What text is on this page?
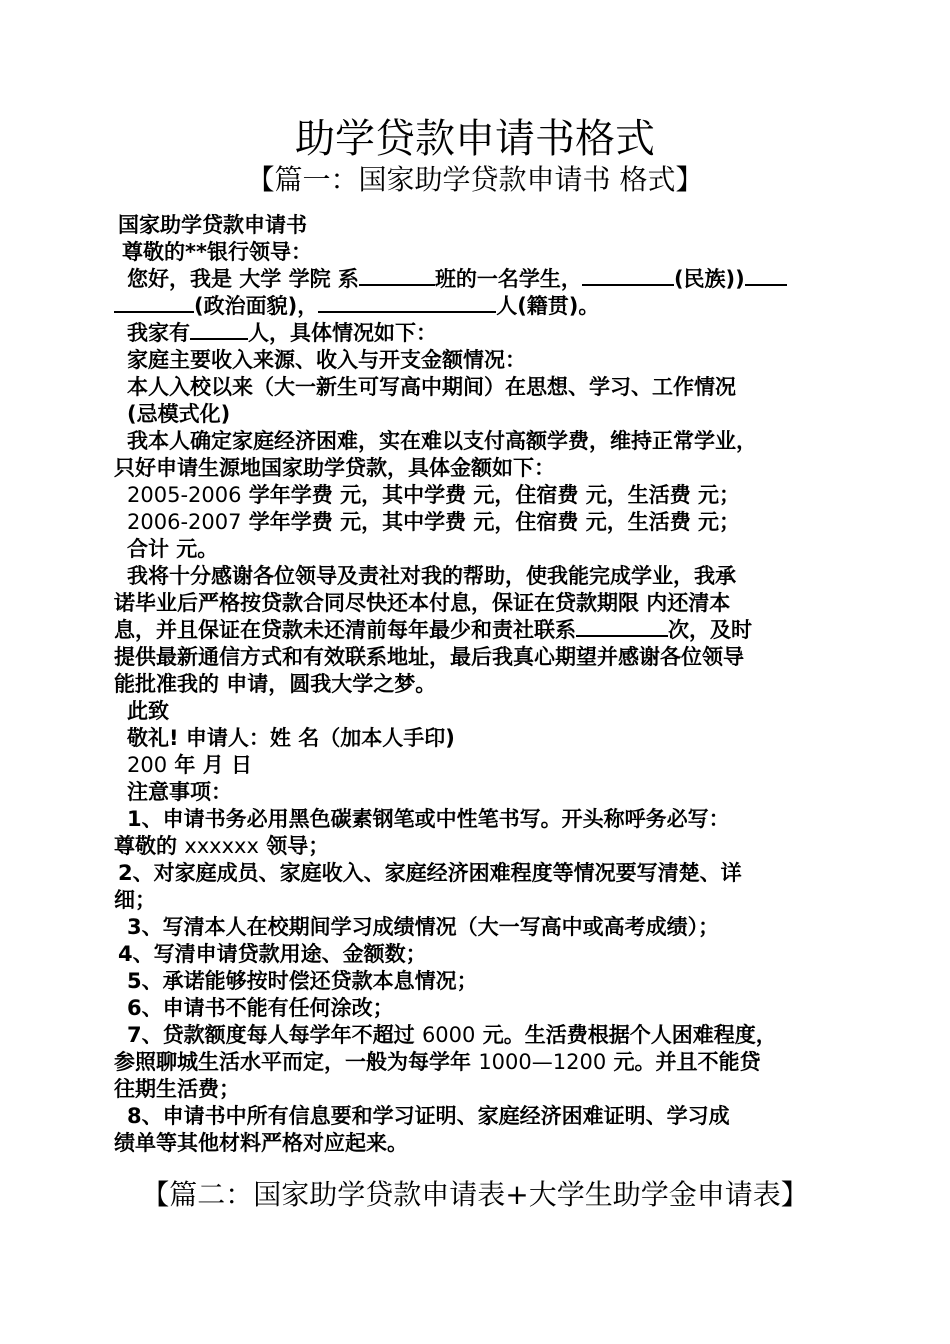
助学贷款申请书格式
【篇一：国家助学贷款申请书 格式】
国家助学贷款申请书
尊敬的**银行领导：
您好，我是 大学 学院 系	班的一名学生，	(民族))
(政治面貌)，	人(籍贯)。
我家有	人，具体情况如下：
家庭主要收入来源、收入与开支金额情况：
本人入校以来（大一新生可写高中期间）在思想、学习、工作情况
(忌模式化)
我本人确定家庭经济困难，实在难以支付高额学费，维持正常学业，
只好申请生源地国家助学贷款，具体金额如下：
2005-2006 学年学费 元，其中学费 元，住宿费 元，生活费 元；
2006-2007 学年学费 元，其中学费 元，住宿费 元，生活费 元；
合计 元。
我将十分感谢各位领导及责社对我的帮助，使我能完成学业，我承
诺毕业后严格按贷款合同尽快还本付息，保证在贷款期限 内还清本
息，并且保证在贷款未还清前每年最少和责社联系	次，及时
提供最新通信方式和有效联系地址，最后我真心期望并感谢各位领导
能批准我的 申请，圆我大学之梦。
此致
敬礼! 申请人：姓 名（加本人手印)
200 年 月 日
注意事项：
1、申请书务必用黑色碳素钢笔或中性笔书写。开头称呼务必写：
尊敬的 xxxxxx 领导；
2、对家庭成员、家庭收入、家庭经济困难程度等情况要写清楚、详
细；
3、写清本人在校期间学习成绩情况（大一写高中或高考成绩）；
4、写清申请贷款用途、金额数；
5、承诺能够按时偿还贷款本息情况；
6、申请书不能有任何涂改；
7、贷款额度每人每学年不超过 6000 元。生活费根据个人困难程度，
参照聊城生活水平而定，一般为每学年 1000—1200 元。并且不能贷
往期生活费；
8、申请书中所有信息要和学习证明、家庭经济困难证明、学习成
绩单等其他材料严格对应起来。
【篇二：国家助学贷款申请表+大学生助学金申请表】
